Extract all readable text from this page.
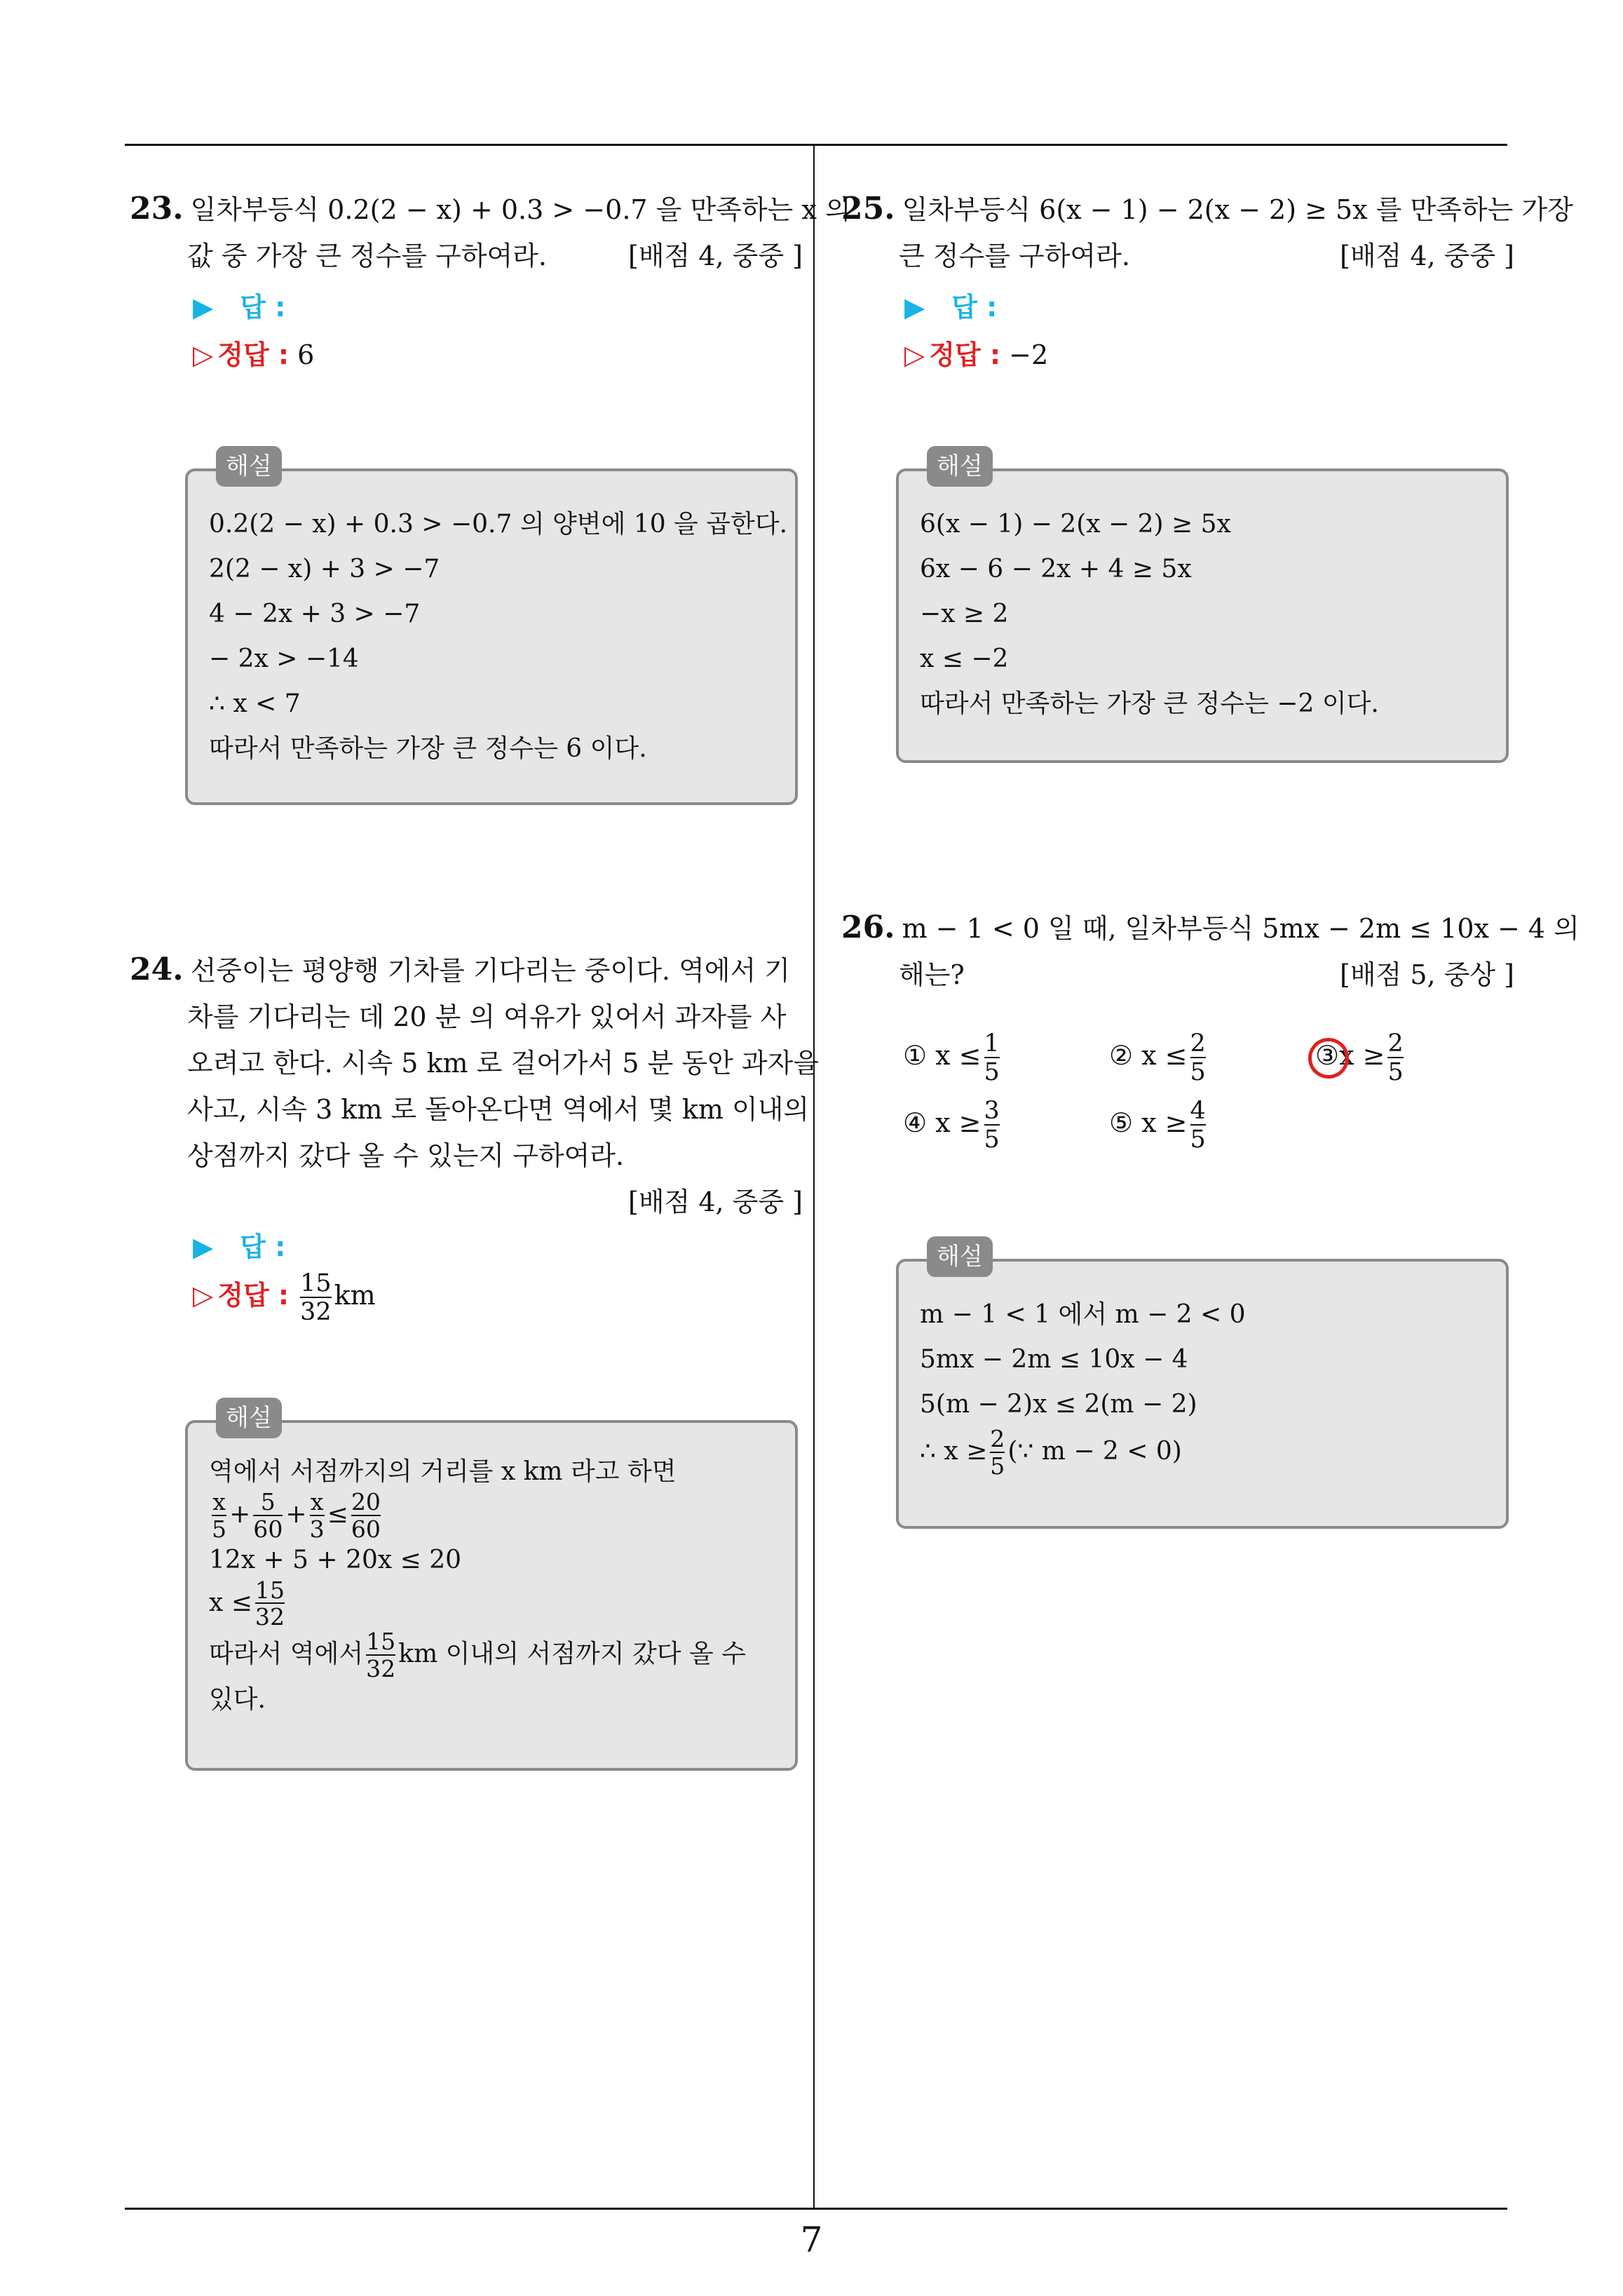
23. 일차부등식 0.2(2 − x) + 0.3 > −0.7 을 만족하는 x 의
값 중 가장 큰 정수를 구하여라.	[배점 4, 중중 ]
▶ 답 :
▷ 정답 : 6
해설
0.2(2 − x) + 0.3 > −0.7 의 양변에 10 을 곱한다.
2(2 − x) + 3 > −7
4 − 2x + 3 > −7
− 2x > −14
∴ x < 7
따라서 만족하는 가장 큰 정수는 6 이다.
24. 선중이는 평양행 기차를 기다리는 중이다. 역에서 기
차를 기다리는 데 20 분 의 여유가 있어서 과자를 사
오려고 한다. 시속 5 km 로 걸어가서 5 분 동안 과자을
사고, 시속 3 km 로 돌아온다면 역에서 몇 km 이내의
상점까지 갔다 올 수 있는지 구하여라.
[배점 4, 중중 ]
▶ 답 :
▷ 정답 : $\frac{15}{32}$ km
해설
역에서 서점까지의 거리를 x km 라고 하면
$\frac{x}{5} + \frac{5}{60} + \frac{x}{3} \le \frac{20}{60}$
12x + 5 + 20x ≤ 20
$x \le \frac{15}{32}$
따라서 역에서 $\frac{15}{32}$ km 이내의 서점까지 갔다 올 수
있다.
25. 일차부등식 6(x − 1) − 2(x − 2) ≥ 5x 를 만족하는 가장
큰 정수를 구하여라.	[배점 4, 중중 ]
▶ 답 :
▷ 정답 : −2
해설
6(x − 1) − 2(x − 2) ≥ 5x
6x − 6 − 2x + 4 ≥ 5x
−x ≥ 2
x ≤ −2
따라서 만족하는 가장 큰 정수는 −2 이다.
26. m − 1 < 0 일 때, 일차부등식 5mx − 2m ≤ 10x − 4 의
해는?	[배점 5, 중상 ]
① $x \le \frac{1}{5}$	② $x \le \frac{2}{5}$	③x ≥ $\frac{2}{5}$
④ $x \ge \frac{3}{5}$	⑤ $x \ge \frac{4}{5}$
해설
m − 1 < 1 에서 m − 2 < 0
5mx − 2m ≤ 10x − 4
5(m − 2)x ≤ 2(m − 2)
∴ $x \ge \frac{2}{5}$ (∵ m − 2 < 0)
7
